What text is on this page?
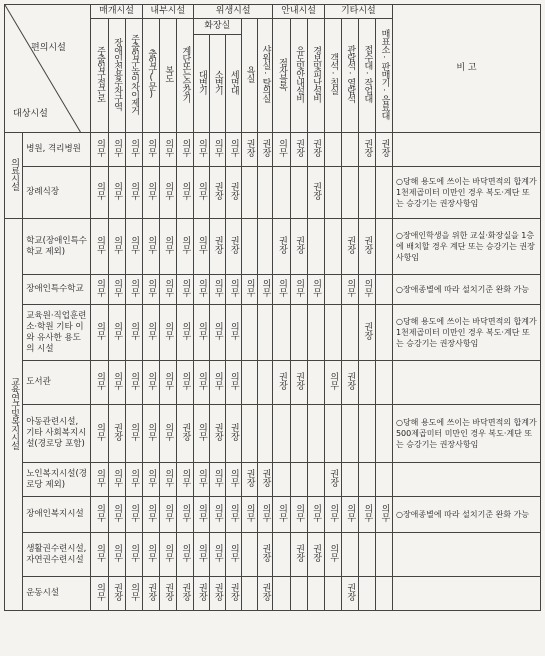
편의시설
대상시설		매개시설			내부시설			위생시설					안내시설			기타시설				비 고
		주출입구접근로	장애인전용주차구역	주출입구높이차이제거	출입구(문)	복도	계단또는승강기	화장실			욕실	샤워실·탈의실	점자블록	유도및안내설비	경보및피난설비	객석·침실	관람석·열람석	접수대·작업대	매표소·판매기·음료대	
								대변기	소변기	세면대										
의료시설	병원, 격리병원	의무	의무	의무	의무	의무	의무	의무	의무	의무	권장	권장	의무	권장	권장			권장	권장	
	장례식장	의무	의무	의무	의무	의무	의무	의무	권장	권장					권장					○당해 용도에 쓰이는 바닥면적의 합계가 1천제곱미터 미만인 경우 복도·계단 또는 승강기는 권장사항임
교육연구및복지시설	학교(장애인특수학교 제외)	의무	의무	의무	의무	의무	의무	의무	권장	권장			권장	권장			권장	권장		○장애인학생을 위한 교실·화장실을 1층에 배치할 경우 계단 또는 승강기는 권장사항임
	장애인특수학교	의무	의무	의무	의무	의무	의무	의무	의무	의무	의무	의무	의무	의무	의무		의무	의무		○장애종별에 따라 설치기준 완화 가능
	교육원·직업훈련소·학원 기타 이와 유사한 용도의 시설	의무	의무	의무	의무	의무	의무	의무	의무	의무								권장		○당해 용도에 쓰이는 바닥면적의 합계가 1천제곱미터 미만인 경우 복도·계단 또는 승강기는 권장사항임
	도서관	의무	의무	의무	의무	의무	의무	의무	의무	의무			권장	권장		의무	권장			
	아동관련시설, 기타 사회복지시설(경로당 포함)	의무	권장	의무	의무	의무	권장	의무	권장	권장										○당해 용도에 쓰이는 바닥면적의 합계가 500제곱미터 미만인 경우 복도·계단 또는 승강기는 권장사항임
	노인복지시설(경로당 제외)	의무	의무	의무	의무	의무	의무	의무	의무	의무	권장	권장				권장				
	장애인복지시설	의무	의무	의무	의무	의무	의무	의무	의무	의무	의무	의무	의무	의무	의무	의무	의무	의무	의무	○장애종별에 따라 설치기준 완화 가능
	생활권수련시설, 자연권수련시설	의무	의무	의무	의무	의무	의무	의무	의무	의무		권장		권장	권장	의무				
	운동시설	의무	권장	의무	권장	권장	권장	권장	권장	권장		권장					권장			
